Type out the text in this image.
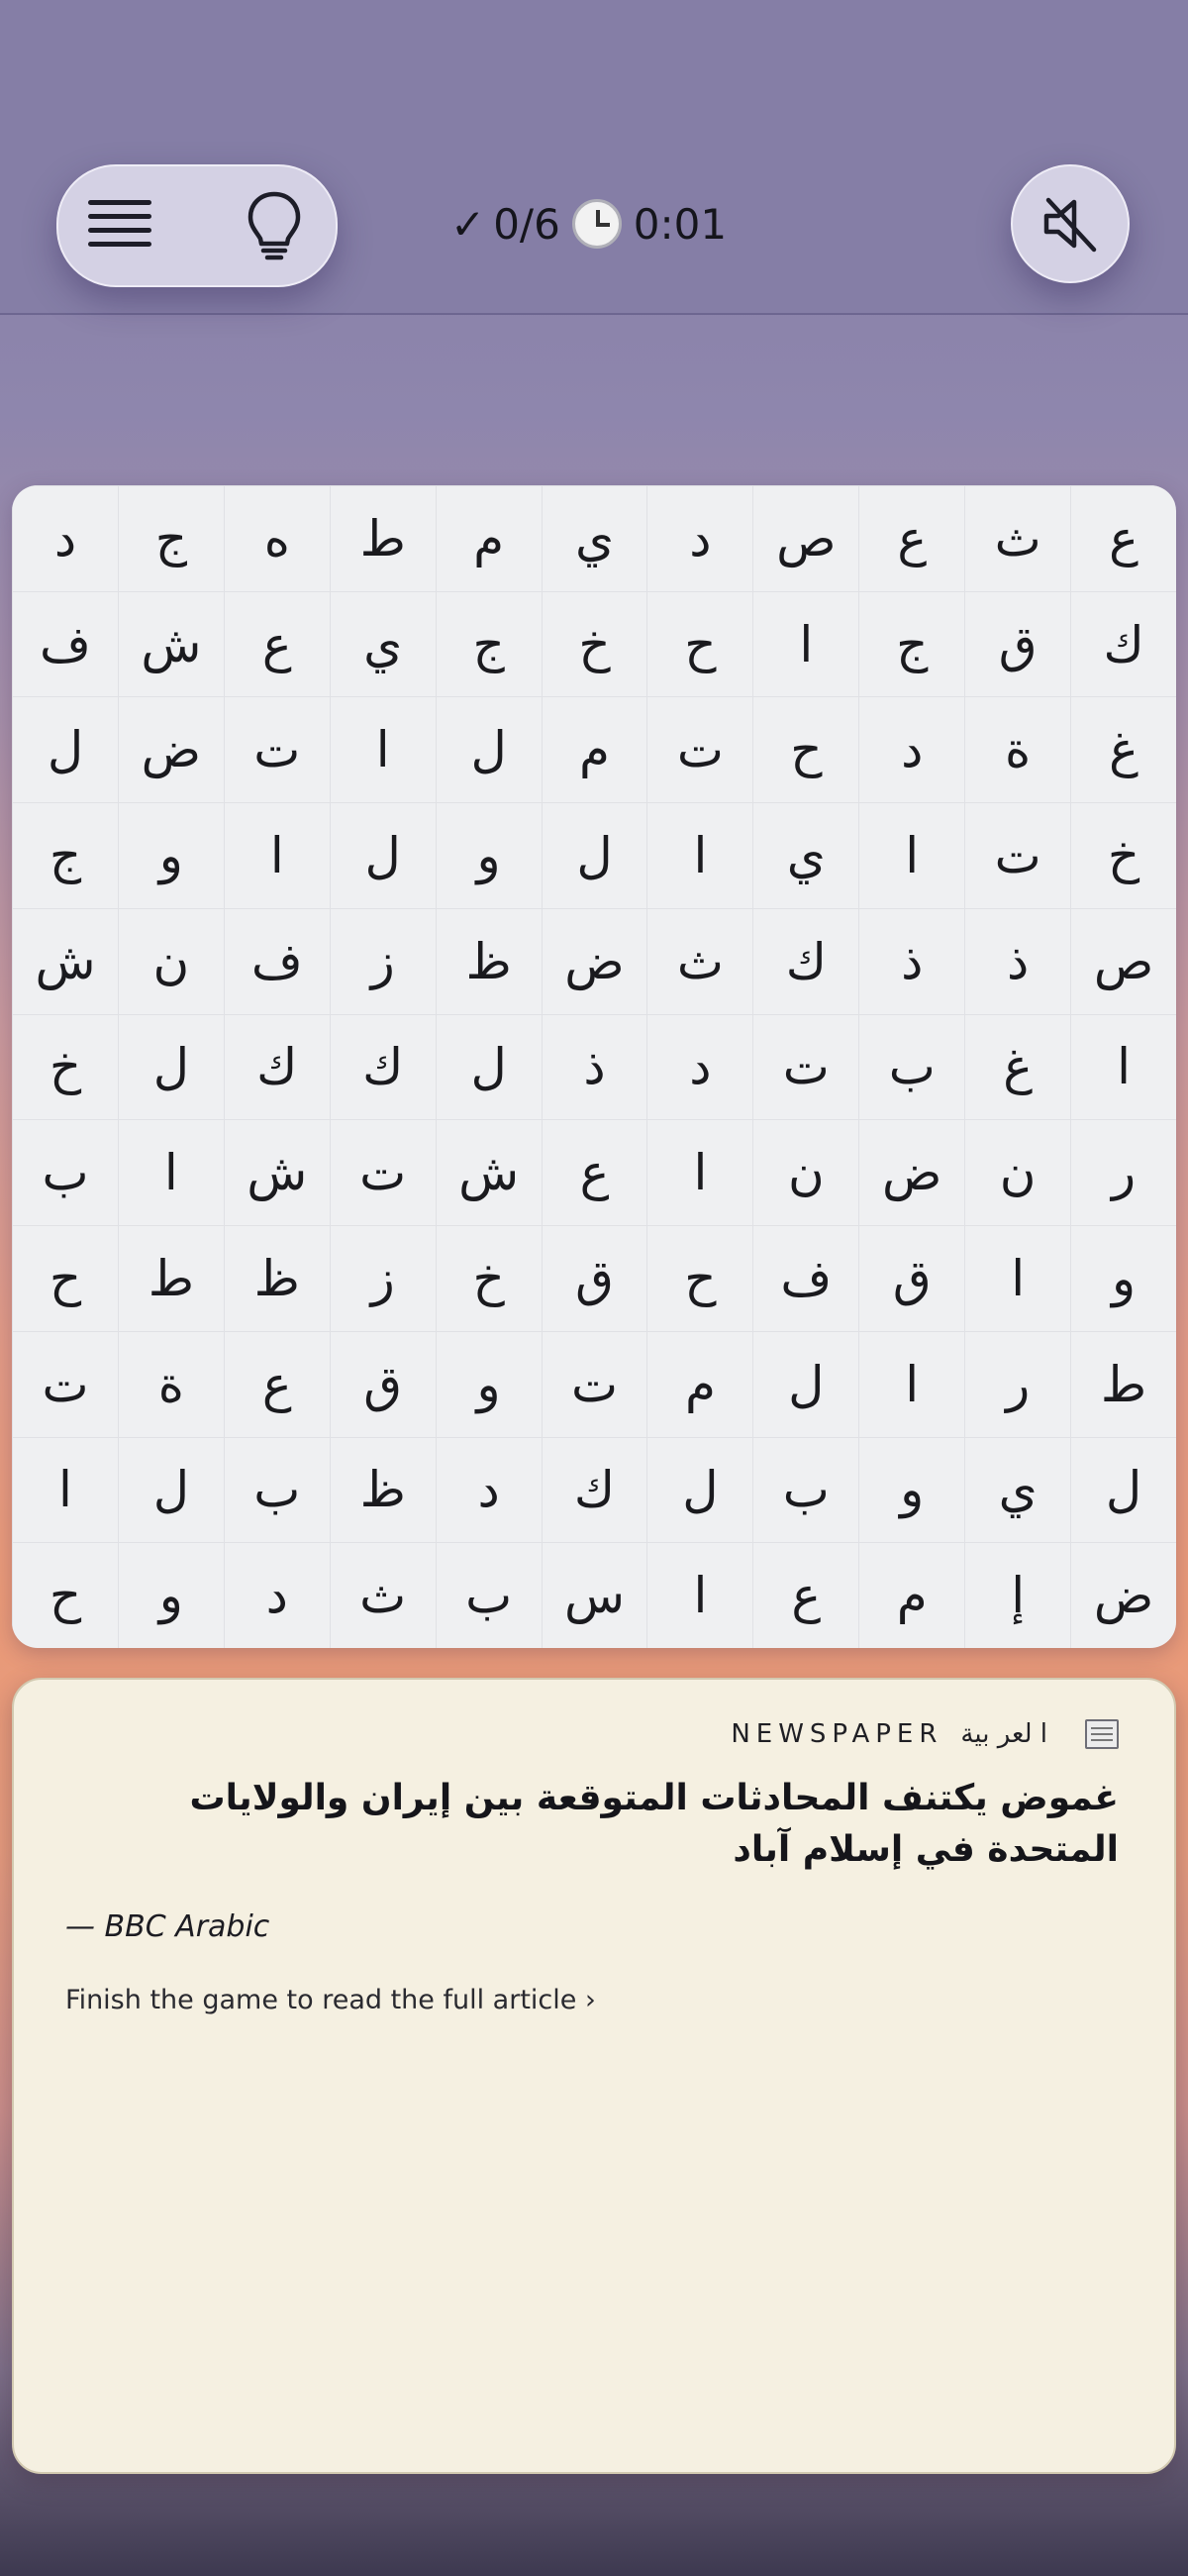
✓ 0/6 0:01
ع
ث
ع
ص
د
ي
م
ط
ه
ج
د
ك
ق
ج
ا
ح
خ
ج
ي
ع
ش
ف
غ
ة
د
ح
ت
م
ل
ا
ت
ض
ل
خ
ت
ا
ي
ا
ل
و
ل
ا
و
ج
ص
ذ
ذ
ك
ث
ض
ظ
ز
ف
ن
ش
ا
غ
ب
ت
د
ذ
ل
ك
ك
ل
خ
ر
ن
ض
ن
ا
ع
ش
ت
ش
ا
ب
و
ا
ق
ف
ح
ق
خ
ز
ظ
ط
ح
ط
ر
ا
ل
م
ت
و
ق
ع
ة
ت
ل
ي
و
ب
ل
ك
د
ظ
ب
ل
ا
ض
إ
م
ع
ا
س
ب
ث
د
و
ح
NEWSPAPER ا لعر بية

غموض يكتنف المحادثات المتوقعة بين إيران والولايات المتحدة في إسلام آباد

— BBC Arabic
Finish the game to read the full article ›
